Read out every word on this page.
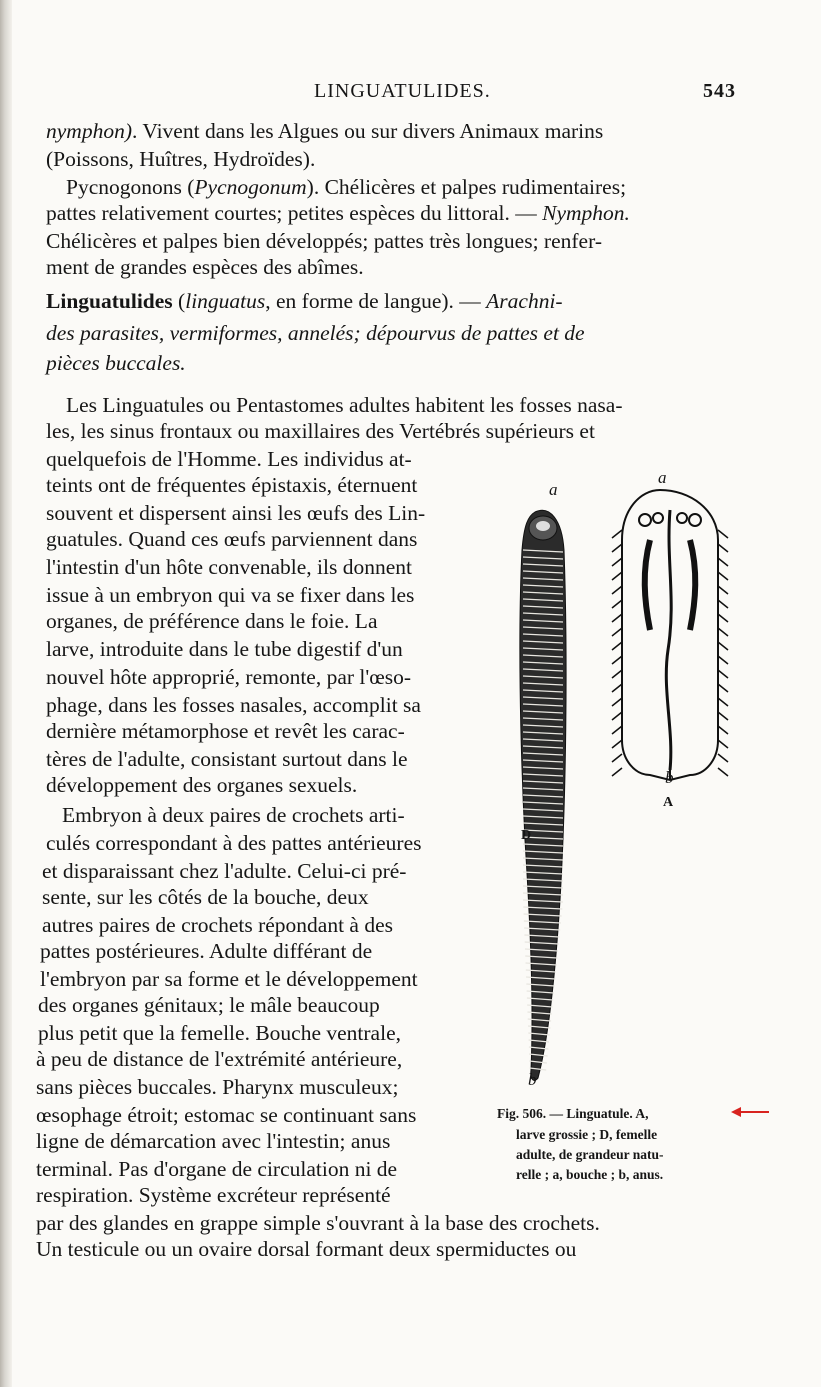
LINGUATULIDES.	543
nymphon). Vivent dans les Algues ou sur divers Animaux marins
(Poissons, Huîtres, Hydroïdes).
Pycnogonons (Pycnogonum). Chélicères et palpes rudimentaires;
pattes relativement courtes; petites espèces du littoral. — Nymphon.
Chélicères et palpes bien développés; pattes très longues; renfer-
ment de grandes espèces des abîmes.
Linguatulides (linguatus, en forme de langue). — Arachni-
des parasites, vermiformes, annelés; dépourvus de pattes et de
pièces buccales.
Les Linguatules ou Pentastomes adultes habitent les fosses nasa-
les, les sinus frontaux ou maxillaires des Vertébrés supérieurs et
quelquefois de l'Homme. Les individus at-
teints ont de fréquentes épistaxis, éternuent
souvent et dispersent ainsi les œufs des Lin-
guatules. Quand ces œufs parviennent dans
l'intestin d'un hôte convenable, ils donnent
issue à un embryon qui va se fixer dans les
organes, de préférence dans le foie. La
larve, introduite dans le tube digestif d'un
nouvel hôte approprié, remonte, par l'œso-
phage, dans les fosses nasales, accomplit sa
dernière métamorphose et revêt les carac-
tères de l'adulte, consistant surtout dans le
développement des organes sexuels.
Embryon à deux paires de crochets arti-
culés correspondant à des pattes antérieures
et disparaissant chez l'adulte. Celui-ci pré-
sente, sur les côtés de la bouche, deux
autres paires de crochets répondant à des
pattes postérieures. Adulte différant de
l'embryon par sa forme et le développement
des organes génitaux; le mâle beaucoup
plus petit que la femelle. Bouche ventrale,
à peu de distance de l'extrémité antérieure,
sans pièces buccales. Pharynx musculeux;
œsophage étroit; estomac se continuant sans
ligne de démarcation avec l'intestin; anus
terminal. Pas d'organe de circulation ni de
respiration. Système excréteur représenté
par des glandes en grappe simple s'ouvrant à la base des crochets.
Un testicule ou un ovaire dorsal formant deux spermiductes ou
a
a
b
A
D
b
Fig. 506. — Linguatule. A,
larve grossie ; D, femelle
adulte, de grandeur natu-
relle ; a, bouche ; b, anus.
